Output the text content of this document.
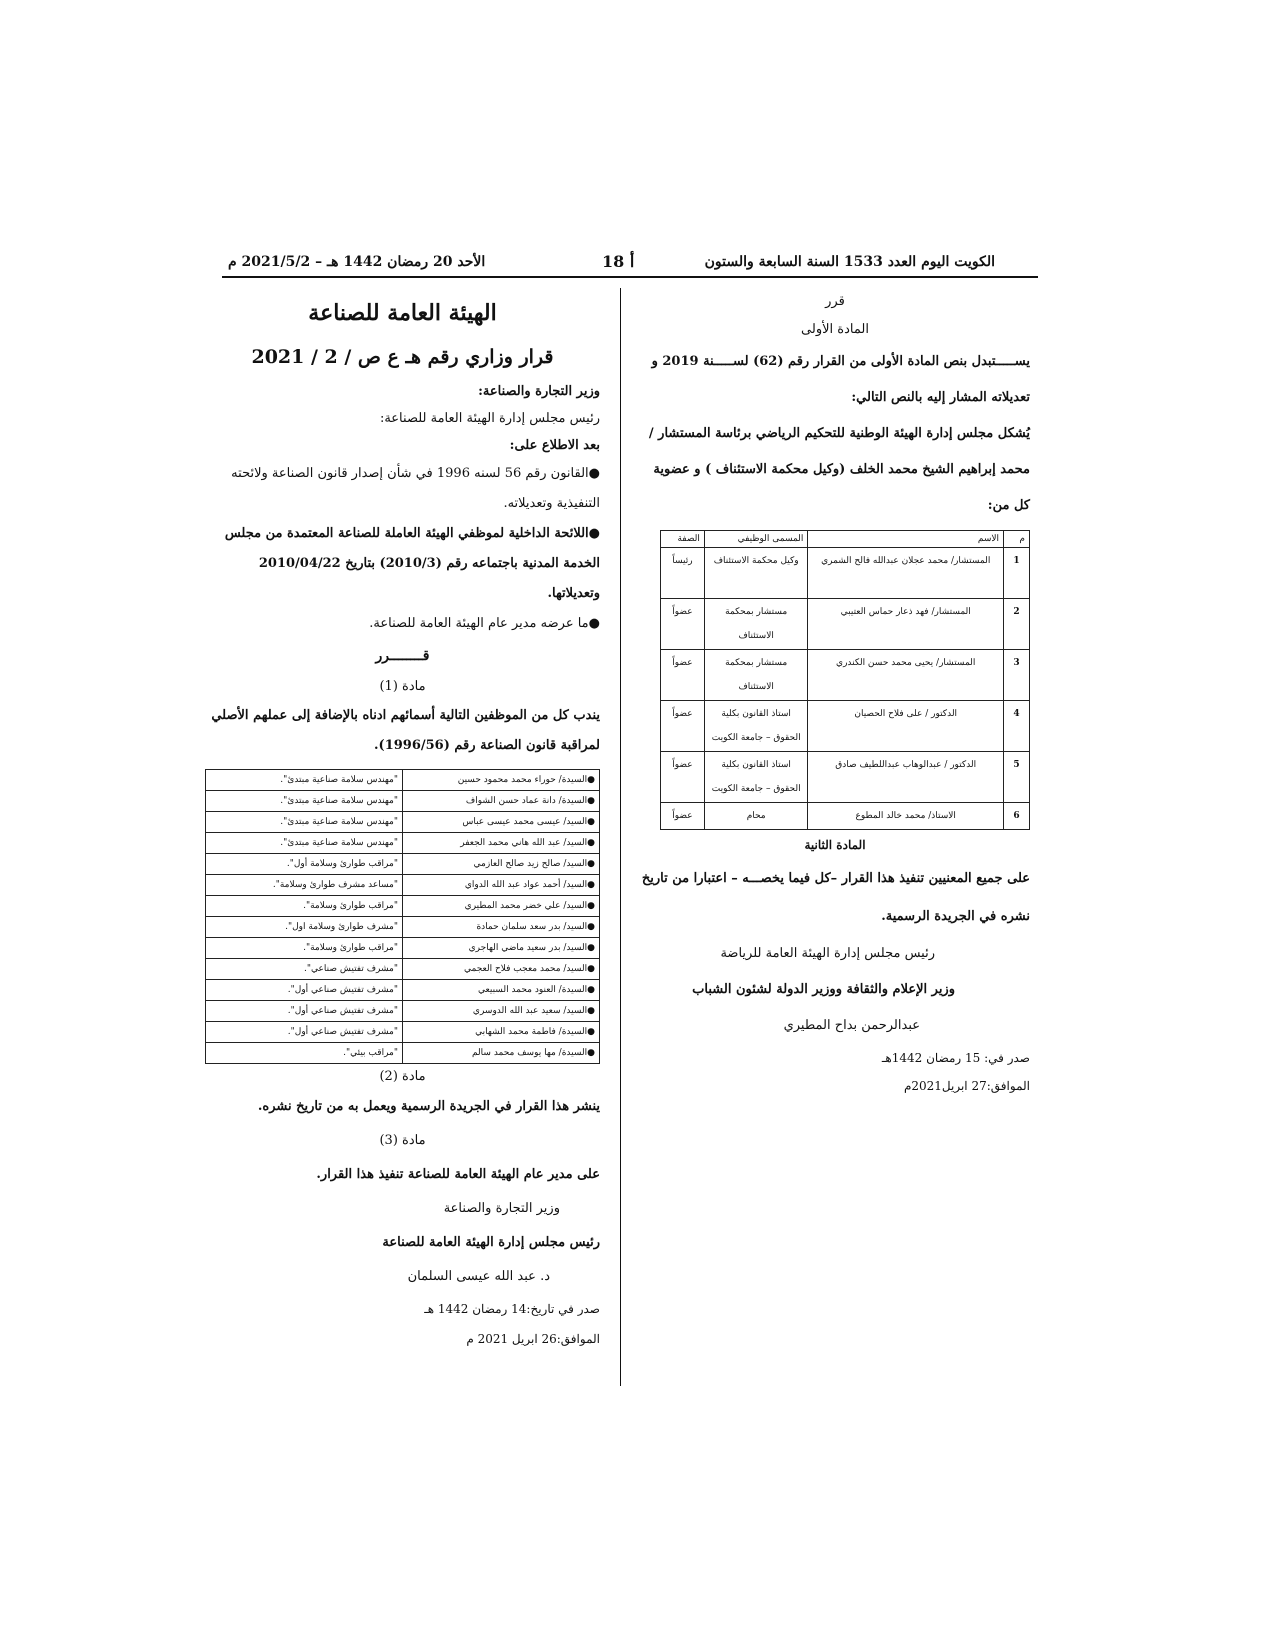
الكويت اليوم العدد 1533 السنة السابعة والستون
أ 18
الأحد 20 رمضان 1442 هـ – 2021/5/2 م

الهيئة العامة للصناعة

قرار وزاري رقم هـ ع ص / 2 / 2021

وزير التجارة والصناعة:

رئيس مجلس إدارة الهيئة العامة للصناعة:

بعد الاطلاع على:

●القانون رقم 56 لسنه 1996 في شأن إصدار قانون الصناعة ولائحته التنفيذية وتعديلاته.

●اللائحة الداخلية لموظفي الهيئة العاملة للصناعة المعتمدة من مجلس الخدمة المدنية باجتماعه رقم (2010/3) بتاريخ 2010/04/22 وتعديلاتها.

●ما عرضه مدير عام الهيئة العامة للصناعة.

قــــــــرر

مادة (1)

يندب كل من الموظفين التالية أسمائهم ادناه بالإضافة إلى عملهم الأصلي لمراقبة قانون الصناعة رقم (1996/56).

●السيدة/ حوراء محمد محمود حسين	"مهندس سلامة صناعية مبتدئ".
●السيدة/ دانة عماد حسن الشواف	"مهندس سلامة صناعية مبتدئ".
●السيد/ عيسى محمد عيسى عباس	"مهندس سلامة صناعية مبتدئ".
●السيد/ عبد الله هاني محمد الجعفر	"مهندس سلامة صناعية مبتدئ".
●السيد/ صالح زيد صالح العازمي	"مراقب طوارئ وسلامة أول".
●السيد/ أحمد عواد عبد الله الدواي	"مساعد مشرف طوارئ وسلامة".
●السيد/ علي خضر محمد المطيري	"مراقب طوارئ وسلامة".
●السيد/ بدر سعد سلمان حمادة	"مشرف طوارئ وسلامة اول".
●السيد/ بدر سعيد ماضي الهاجري	"مراقب طوارئ وسلامة".
●السيد/ محمد معجب فلاح العجمي	"مشرف تفتيش صناعي".
●السيدة/ العنود محمد السبيعي	"مشرف تفتيش صناعي أول".
●السيد/ سعيد عبد الله الدوسري	"مشرف تفتيش صناعي أول".
●السيدة/ فاطمة محمد الشهابي	"مشرف تفتيش صناعي أول".
●السيدة/ مها يوسف محمد سالم	"مراقب بيئي".

مادة (2)

ينشر هذا القرار في الجريدة الرسمية ويعمل به من تاريخ نشره.

مادة (3)

على مدير عام الهيئة العامة للصناعة تنفيذ هذا القرار.

وزير التجارة والصناعة

رئيس مجلس إدارة الهيئة العامة للصناعة

د. عبد الله عيسى السلمان

صدر في تاريخ:14 رمضان 1442 هـ

الموافق:26 ابريل 2021 م

قرر

المادة الأولى

يســـــتبدل بنص المادة الأولى من القرار رقم (62) لســـــنة 2019 و تعديلاته المشار إليه بالنص التالي:

يُشكل مجلس إدارة الهيئة الوطنية للتحكيم الرياضي برئاسة المستشار / محمد إبراهيم الشيخ محمد الخلف (وكيل محكمة الاستئناف ) و عضوية كل من:

م	الاسم	المسمى الوظيفي	الصفة
1	المستشار/ محمد عجلان عبدالله فالح الشمري	وكيل محكمة الاستئناف	رئيساً
2	المستشار/ فهد ذعار حماس العتيبي	مستشار بمحكمة الاستئناف	عضواً
3	المستشار/ يحيى محمد حسن الكندري	مستشار بمحكمة الاستئناف	عضواً
4	الدكتور / على فلاح الحصيان	استاذ القانون بكلية الحقوق – جامعة الكويت	عضواً
5	الدكتور / عبدالوهاب عبداللطيف صادق	استاذ القانون بكلية الحقوق – جامعة الكويت	عضواً
6	الاستاذ/ محمد خالد المطوع	محام	عضواً

المادة الثانية

على جميع المعنيين تنفيذ هذا القرار –كل فيما يخصـــه – اعتبارا من تاريخ نشره في الجريدة الرسمية.

رئيس مجلس إدارة الهيئة العامة للرياضة

وزير الإعلام والثقافة ووزير الدولة لشئون الشباب

عبدالرحمن بداح المطيري

صدر في: 15 رمضان 1442هـ

الموافق:27 ابريل2021م
